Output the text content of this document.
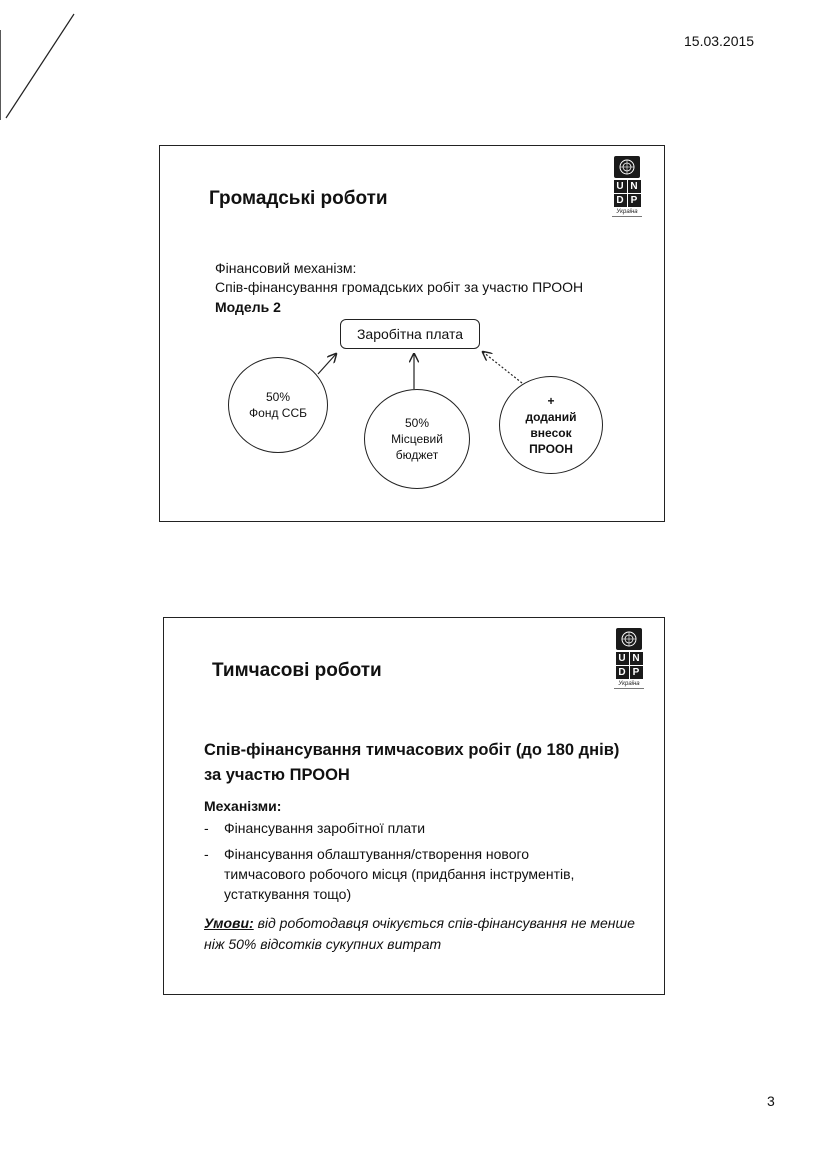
15.03.2015
U N
D P
Україна
Громадські роботи
Фінансовий механізм:
Спів-фінансування громадських робіт за участю ПРООН
Модель 2
Заробітна плата
50%
Фонд ССБ
50%
Місцевий
бюджет
+
доданий
внесок
ПРООН
U N
D P
Україна
Тимчасові роботи
Спів-фінансування тимчасових робіт (до 180 днів)
за участю ПРООН
Механізми:
-	Фінансування заробітної плати
-	Фінансування облаштування/створення нового
тимчасового робочого місця (придбання інструментів,
устаткування тощо)
Умови: від роботодавця очікується спів-фінансування не менше ніж 50% відсотків сукупних витрат
3
